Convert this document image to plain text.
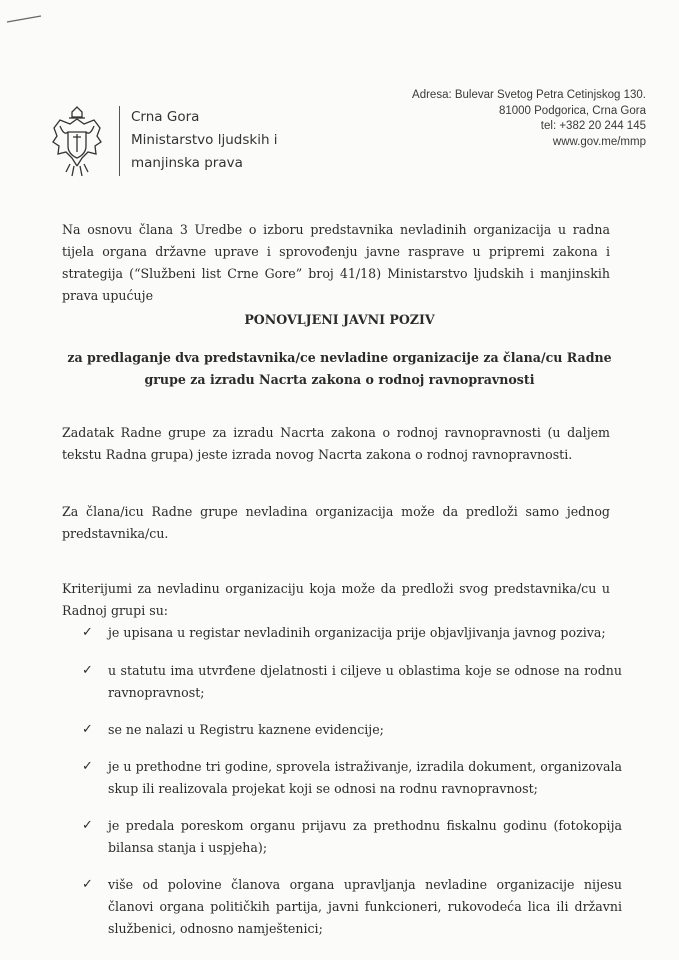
Crna Gora
Ministarstvo ljudskih i
manjinska prava
Adresa: Bulevar Svetog Petra Cetinjskog 130.
81000 Podgorica, Crna Gora
tel: +382 20 244 145
www.gov.me/mmp
Na osnovu člana 3 Uredbe o izboru predstavnika nevladinih organizacija u radna tijela organa državne uprave i sprovođenju javne rasprave u pripremi zakona i strategija (“Službeni list Crne Gore” broj 41/18) Ministarstvo ljudskih i manjinskih prava upućuje
PONOVLJENI JAVNI POZIV
za predlaganje dva predstavnika/ce nevladine organizacije za člana/cu Radne
grupe za izradu Nacrta zakona o rodnoj ravnopravnosti
Zadatak Radne grupe za izradu Nacrta zakona o rodnoj ravnopravnosti (u daljem tekstu Radna grupa) jeste izrada novog Nacrta zakona o rodnoj ravnopravnosti.
Za člana/icu Radne grupe nevladina organizacija može da predloži samo jednog predstavnika/cu.
Kriterijumi za nevladinu organizaciju koja može da predloži svog predstavnika/cu u Radnoj grupi su:
✓ je upisana u registar nevladinih organizacija prije objavljivanja javnog poziva;
✓ u statutu ima utvrđene djelatnosti i ciljeve u oblastima koje se odnose na rodnu ravnopravnost;
✓ se ne nalazi u Registru kaznene evidencije;
✓ je u prethodne tri godine, sprovela istraživanje, izradila dokument, organizovala skup ili realizovala projekat koji se odnosi na rodnu ravnopravnost;
✓ je predala poreskom organu prijavu za prethodnu fiskalnu godinu (fotokopija bilansa stanja i uspjeha);
✓ više od polovine članova organa upravljanja nevladine organizacije nijesu članovi organa političkih partija, javni funkcioneri, rukovodeća lica ili državni službenici, odnosno namještenici;
